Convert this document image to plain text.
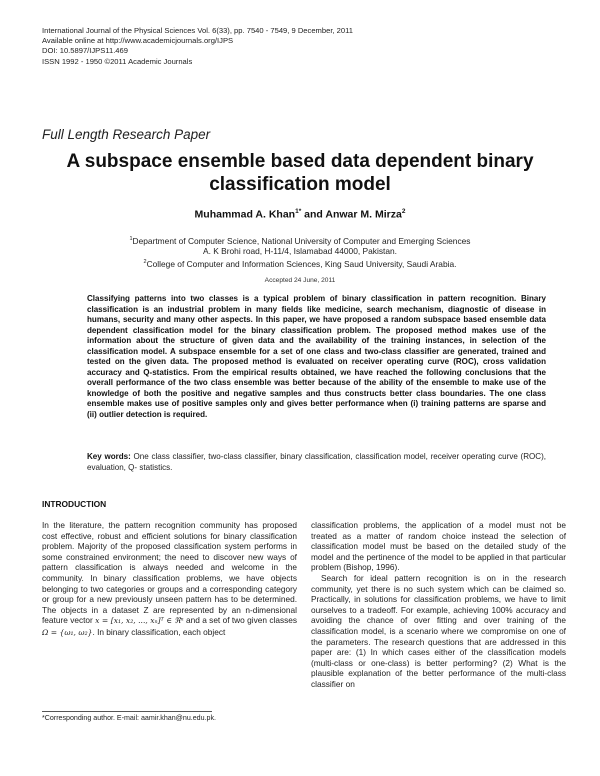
International Journal of the Physical Sciences Vol. 6(33), pp. 7540 - 7549, 9 December, 2011
Available online at http://www.academicjournals.org/IJPS
DOI: 10.5897/IJPS11.469
ISSN 1992 - 1950 ©2011 Academic Journals
Full Length Research Paper
A subspace ensemble based data dependent binary classification model
Muhammad A. Khan$^{1*}$ and Anwar M. Mirza$^2$
$^1$Department of Computer Science, National University of Computer and Emerging Sciences
A. K Brohi road, H-11/4, Islamabad 44000, Pakistan.
$^2$College of Computer and Information Sciences, King Saud University, Saudi Arabia.
Accepted 24 June, 2011
Classifying patterns into two classes is a typical problem of binary classification in pattern recognition. Binary classification is an industrial problem in many fields like medicine, search mechanism, diagnostic of disease in humans, security and many other aspects. In this paper, we have proposed a random subspace based ensemble data dependent classification model for the binary classification problem. The proposed method makes use of the information about the structure of given data and the availability of the training instances, in selection of the classification model. A subspace ensemble for a set of one class and two-class classifier are generated, trained and tested on the given data. The proposed method is evaluated on receiver operating curve (ROC), cross validation accuracy and Q-statistics. From the empirical results obtained, we have reached the following conclusions that the overall performance of the two class ensemble was better because of the ability of the ensemble to make use of the knowledge of both the positive and negative samples and thus constructs better class boundaries. The one class ensemble makes use of positive samples only and gives better performance when (i) training patterns are sparse and (ii) outlier detection is required.
Key words: One class classifier, two-class classifier, binary classification, classification model, receiver operating curve (ROC), evaluation, Q- statistics.
INTRODUCTION

In the literature, the pattern recognition community has proposed cost effective, robust and efficient solutions for binary classification problem. Majority of the proposed classification system performs in some constrained environment; the need to discover new ways of pattern classification is always needed and welcome in the community. In binary classification problems, we have objects belonging to two categories or groups and a corresponding category or group for a new previously unseen pattern has to be determined. The objects in a dataset Z are represented by an n-dimensional feature vector x = [x₁, x₂, ..., xₙ]ᵀ ∈ ℜⁿ and a set of two given classes Ω = {ω₁, ω₂}. In binary classification, each object

classification problems, the application of a model must not be treated as a matter of random choice instead the selection of classification model must be based on the detailed study of the model and the pertinence of the model to be applied in that particular problem (Bishop, 1996).

Search for ideal pattern recognition is on in the research community, yet there is no such system which can be claimed so. Practically, in solutions for classification problems, we have to limit ourselves to a tradeoff. For example, achieving 100% accuracy and avoiding the chance of over fitting and over training of the classification model, is a scenario where we compromise on one of the parameters. The research questions that are addressed in this paper are: (1) In which cases either of the classification models (multi-class or one-class) is better performing? (2) What is the plausible explanation of the better performance of the multi-class classifier on

*Corresponding author. E-mail: aamir.khan@nu.edu.pk.
